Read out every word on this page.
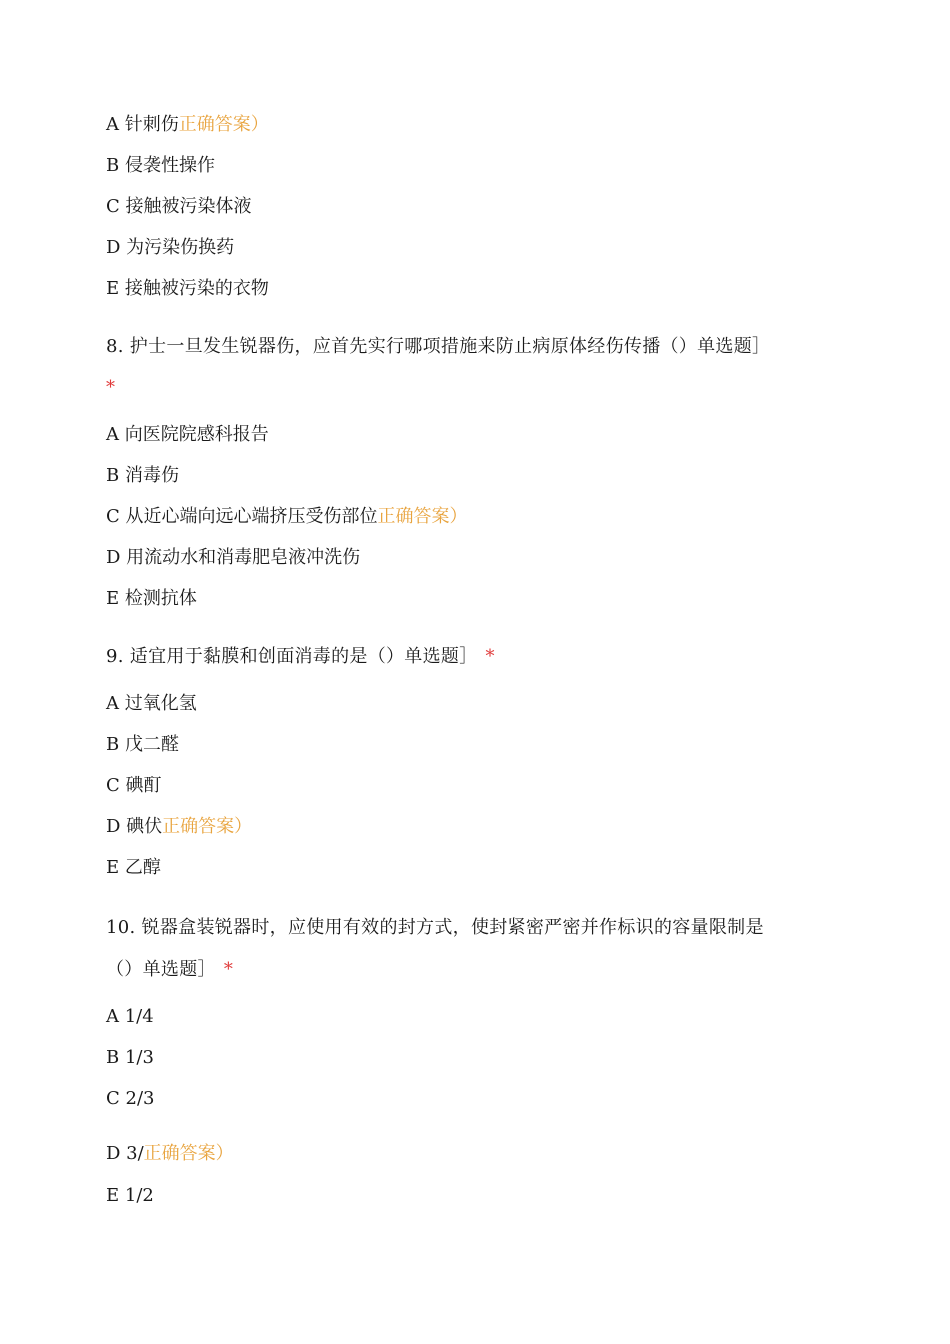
A 针刺伤正确答案）
B 侵袭性操作
C 接触被污染体液
D 为污染伤换药
E 接触被污染的衣物
8. 护士一旦发生锐器伤，应首先实行哪项措施来防止病原体经伤传播（）单选题］
*
A 向医院院感科报告
B 消毒伤
C 从近心端向远心端挤压受伤部位正确答案）
D 用流动水和消毒肥皂液冲洗伤
E 检测抗体
9. 适宜用于黏膜和创面消毒的是（）单选题］ *
A 过氧化氢
B 戊二醛
C 碘酊
D 碘伏正确答案）
E 乙醇
10. 锐器盒装锐器时，应使用有效的封方式，使封紧密严密并作标识的容量限制是
（）单选题］ *
A 1/4
B 1/3
C 2/3
D 3/正确答案）
E 1/2
